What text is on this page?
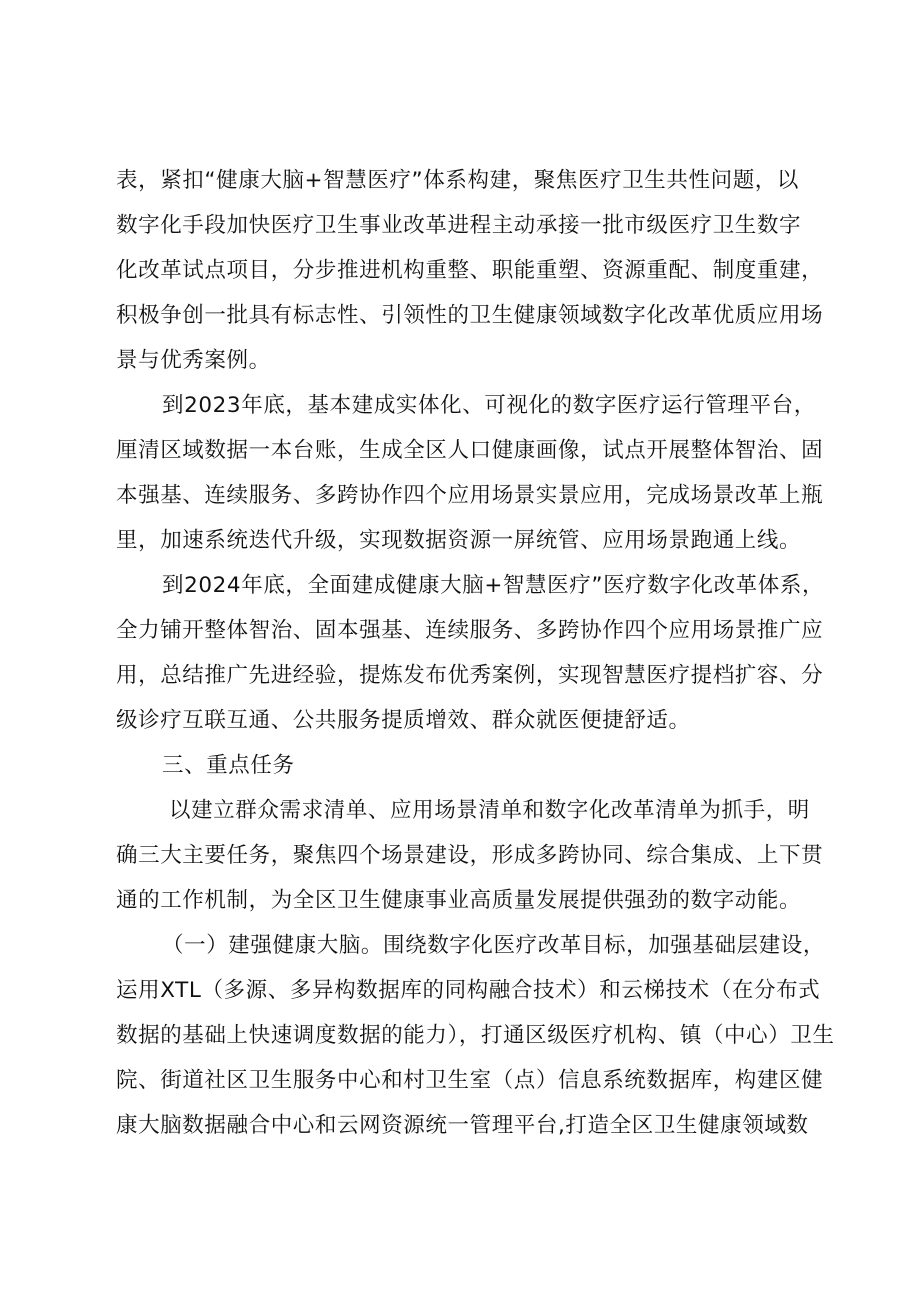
表，紧扣“健康大脑+智慧医疗”体系构建，聚焦医疗卫生共性问题，以
数字化手段加快医疗卫生事业改革进程主动承接一批市级医疗卫生数字
化改革试点项目，分步推进机构重整、职能重塑、资源重配、制度重建，
积极争创一批具有标志性、引领性的卫生健康领域数字化改革优质应用场
景与优秀案例。
到2023年底，基本建成实体化、可视化的数字医疗运行管理平台，
厘清区域数据一本台账，生成全区人口健康画像，试点开展整体智治、固
本强基、连续服务、多跨协作四个应用场景实景应用，完成场景改革上瓶
里，加速系统迭代升级，实现数据资源一屏统管、应用场景跑通上线。
到2024年底，全面建成健康大脑+智慧医疗”医疗数字化改革体系，
全力铺开整体智治、固本强基、连续服务、多跨协作四个应用场景推广应
用，总结推广先进经验，提炼发布优秀案例，实现智慧医疗提档扩容、分
级诊疗互联互通、公共服务提质增效、群众就医便捷舒适。
三、重点任务
以建立群众需求清单、应用场景清单和数字化改革清单为抓手，明
确三大主要任务，聚焦四个场景建设，形成多跨协同、综合集成、上下贯
通的工作机制，为全区卫生健康事业高质量发展提供强劲的数字动能。
（一）建强健康大脑。围绕数字化医疗改革目标，加强基础层建设，
运用XTL（多源、多异构数据库的同构融合技术）和云梯技术（在分布式
数据的基础上快速调度数据的能力），打通区级医疗机构、镇（中心）卫生
院、街道社区卫生服务中心和村卫生室（点）信息系统数据库，构建区健
康大脑数据融合中心和云网资源统一管理平台,打造全区卫生健康领域数
